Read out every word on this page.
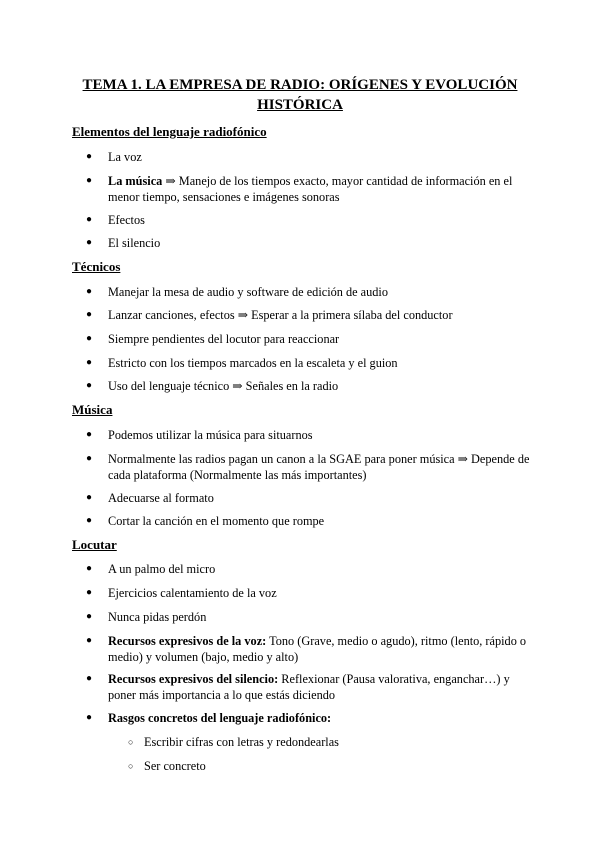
TEMA 1. LA EMPRESA DE RADIO: ORÍGENES Y EVOLUCIÓN
HISTÓRICA
Elementos del lenguaje radiofónico
●	La voz
●	La música ⇒ Manejo de los tiempos exacto, mayor cantidad de información en el menor tiempo, sensaciones e imágenes sonoras
●	Efectos
●	El silencio
Técnicos
●	Manejar la mesa de audio y software de edición de audio
●	Lanzar canciones, efectos ⇒ Esperar a la primera sílaba del conductor
●	Siempre pendientes del locutor para reaccionar
●	Estricto con los tiempos marcados en la escaleta y el guion
●	Uso del lenguaje técnico ⇒ Señales en la radio
Música
●	Podemos utilizar la música para situarnos
●	Normalmente las radios pagan un canon a la SGAE para poner música ⇒ Depende de cada plataforma (Normalmente las más importantes)
●	Adecuarse al formato
●	Cortar la canción en el momento que rompe
Locutar
●	A un palmo del micro
●	Ejercicios calentamiento de la voz
●	Nunca pidas perdón
●	Recursos expresivos de la voz: Tono (Grave, medio o agudo), ritmo (lento, rápido o medio) y volumen (bajo, medio y alto)
●	Recursos expresivos del silencio: Reflexionar (Pausa valorativa, enganchar…) y poner más importancia a lo que estás diciendo
●	Rasgos concretos del lenguaje radiofónico:
○ Escribir cifras con letras y redondearlas
○ Ser concreto
